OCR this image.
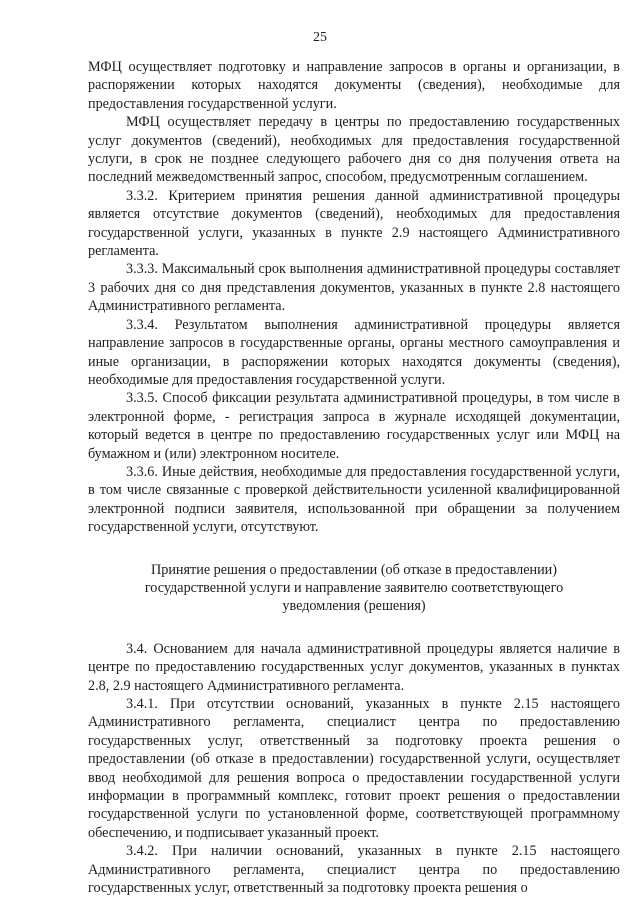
25

МФЦ осуществляет подготовку и направление запросов в органы и организации, в распоряжении которых находятся документы (сведения), необходимые для предоставления государственной услуги.

МФЦ осуществляет передачу в центры по предоставлению государственных услуг документов (сведений), необходимых для предоставления государственной услуги, в срок не позднее следующего рабочего дня со дня получения ответа на последний межведомственный запрос, способом, предусмотренным соглашением.

3.3.2. Критерием принятия решения данной административной процедуры является отсутствие документов (сведений), необходимых для предоставления государственной услуги, указанных в пункте 2.9 настоящего Административного регламента.

3.3.3. Максимальный срок выполнения административной процедуры составляет 3 рабочих дня со дня представления документов, указанных в пункте 2.8 настоящего Административного регламента.

3.3.4. Результатом выполнения административной процедуры является направление запросов в государственные органы, органы местного самоуправления и иные организации, в распоряжении которых находятся документы (сведения), необходимые для предоставления государственной услуги.

3.3.5. Способ фиксации результата административной процедуры, в том числе в электронной форме, - регистрация запроса в журнале исходящей документации, который ведется в центре по предоставлению государственных услуг или МФЦ на бумажном и (или) электронном носителе.

3.3.6. Иные действия, необходимые для предоставления государственной услуги, в том числе связанные с проверкой действительности усиленной квалифицированной электронной подписи заявителя, использованной при обращении за получением государственной услуги, отсутствуют.

Принятие решения о предоставлении (об отказе в предоставлении)
государственной услуги и направление заявителю соответствующего
уведомления (решения)

3.4. Основанием для начала административной процедуры является наличие в центре по предоставлению государственных услуг документов, указанных в пунктах 2.8, 2.9 настоящего Административного регламента.

3.4.1. При отсутствии оснований, указанных в пункте 2.15 настоящего Административного регламента, специалист центра по предоставлению государственных услуг, ответственный за подготовку проекта решения о предоставлении (об отказе в предоставлении) государственной услуги, осуществляет ввод необходимой для решения вопроса о предоставлении государственной услуги информации в программный комплекс, готовит проект решения о предоставлении государственной услуги по установленной форме, соответствующей программному обеспечению, и подписывает указанный проект.

3.4.2. При наличии оснований, указанных в пункте 2.15 настоящего Административного регламента, специалист центра по предоставлению государственных услуг, ответственный за подготовку проекта решения о
